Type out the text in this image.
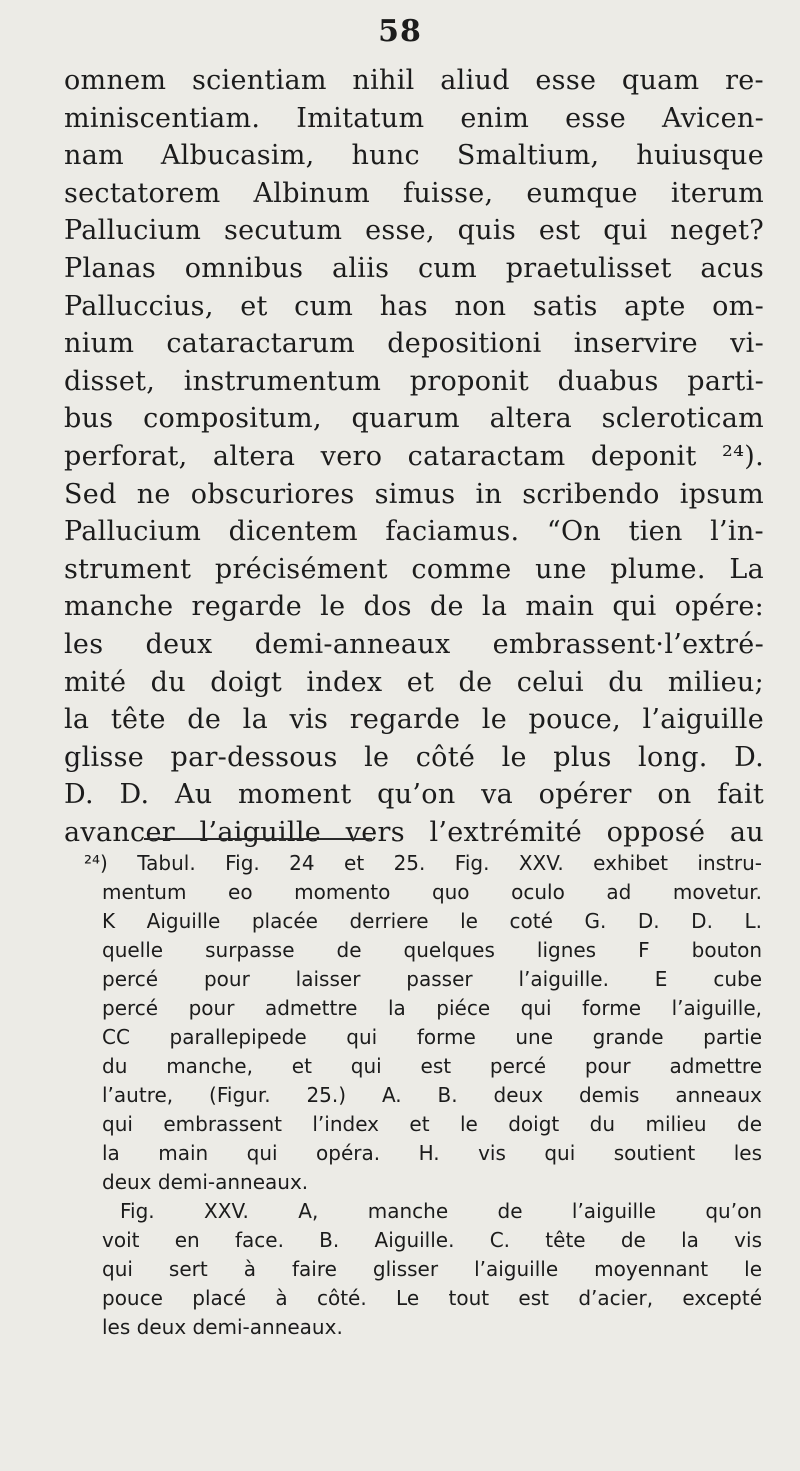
58
omnem scientiam nihil aliud esse quam re-
miniscentiam. Imitatum enim esse Avicen-
nam Albucasim, hunc Smaltium, huiusque
sectatorem Albinum fuisse, eumque iterum
Pallucium secutum esse, quis est qui neget?
Planas omnibus aliis cum praetulisset acus
Palluccius, et cum has non satis apte om-
nium cataractarum depositioni inservire vi-
disset, instrumentum proponit duabus parti-
bus compositum, quarum altera scleroticam
perforat, altera vero cataractam deponit ²⁴).
Sed ne obscuriores simus in scribendo ipsum
Pallucium dicentem faciamus. “On tien l’in-
strument précisément comme une plume. La
manche regarde le dos de la main qui opére:
les deux demi-anneaux embrassent·l’extré-
mité du doigt index et de celui du milieu;
la tête de la vis regarde le pouce, l’aiguille
glisse par-dessous le côté le plus long. D.
D. D. Au moment qu’on va opérer on fait
avancer l’aiguille vers l’extrémité opposé au
²⁴) Tabul. Fig. 24 et 25. Fig. XXV. exhibet instru-
mentum eo momento quo oculo ad movetur.
K Aiguille placée derriere le coté G. D. D. L.
quelle surpasse de quelques lignes F bouton
percé pour laisser passer l’aiguille. E cube
percé pour admettre la piéce qui forme l’aiguille,
CC parallepipede qui forme une grande partie
du manche, et qui est percé pour admettre
l’autre, (Figur. 25.) A. B. deux demis anneaux
qui embrassent l’index et le doigt du milieu de
la main qui opéra. H. vis qui soutient les
deux demi-anneaux.
Fig. XXV. A, manche de l’aiguille qu’on
voit en face. B. Aiguille. C. tête de la vis
qui sert à faire glisser l’aiguille moyennant le
pouce placé à côté. Le tout est d’acier, excepté
les deux demi-anneaux.
